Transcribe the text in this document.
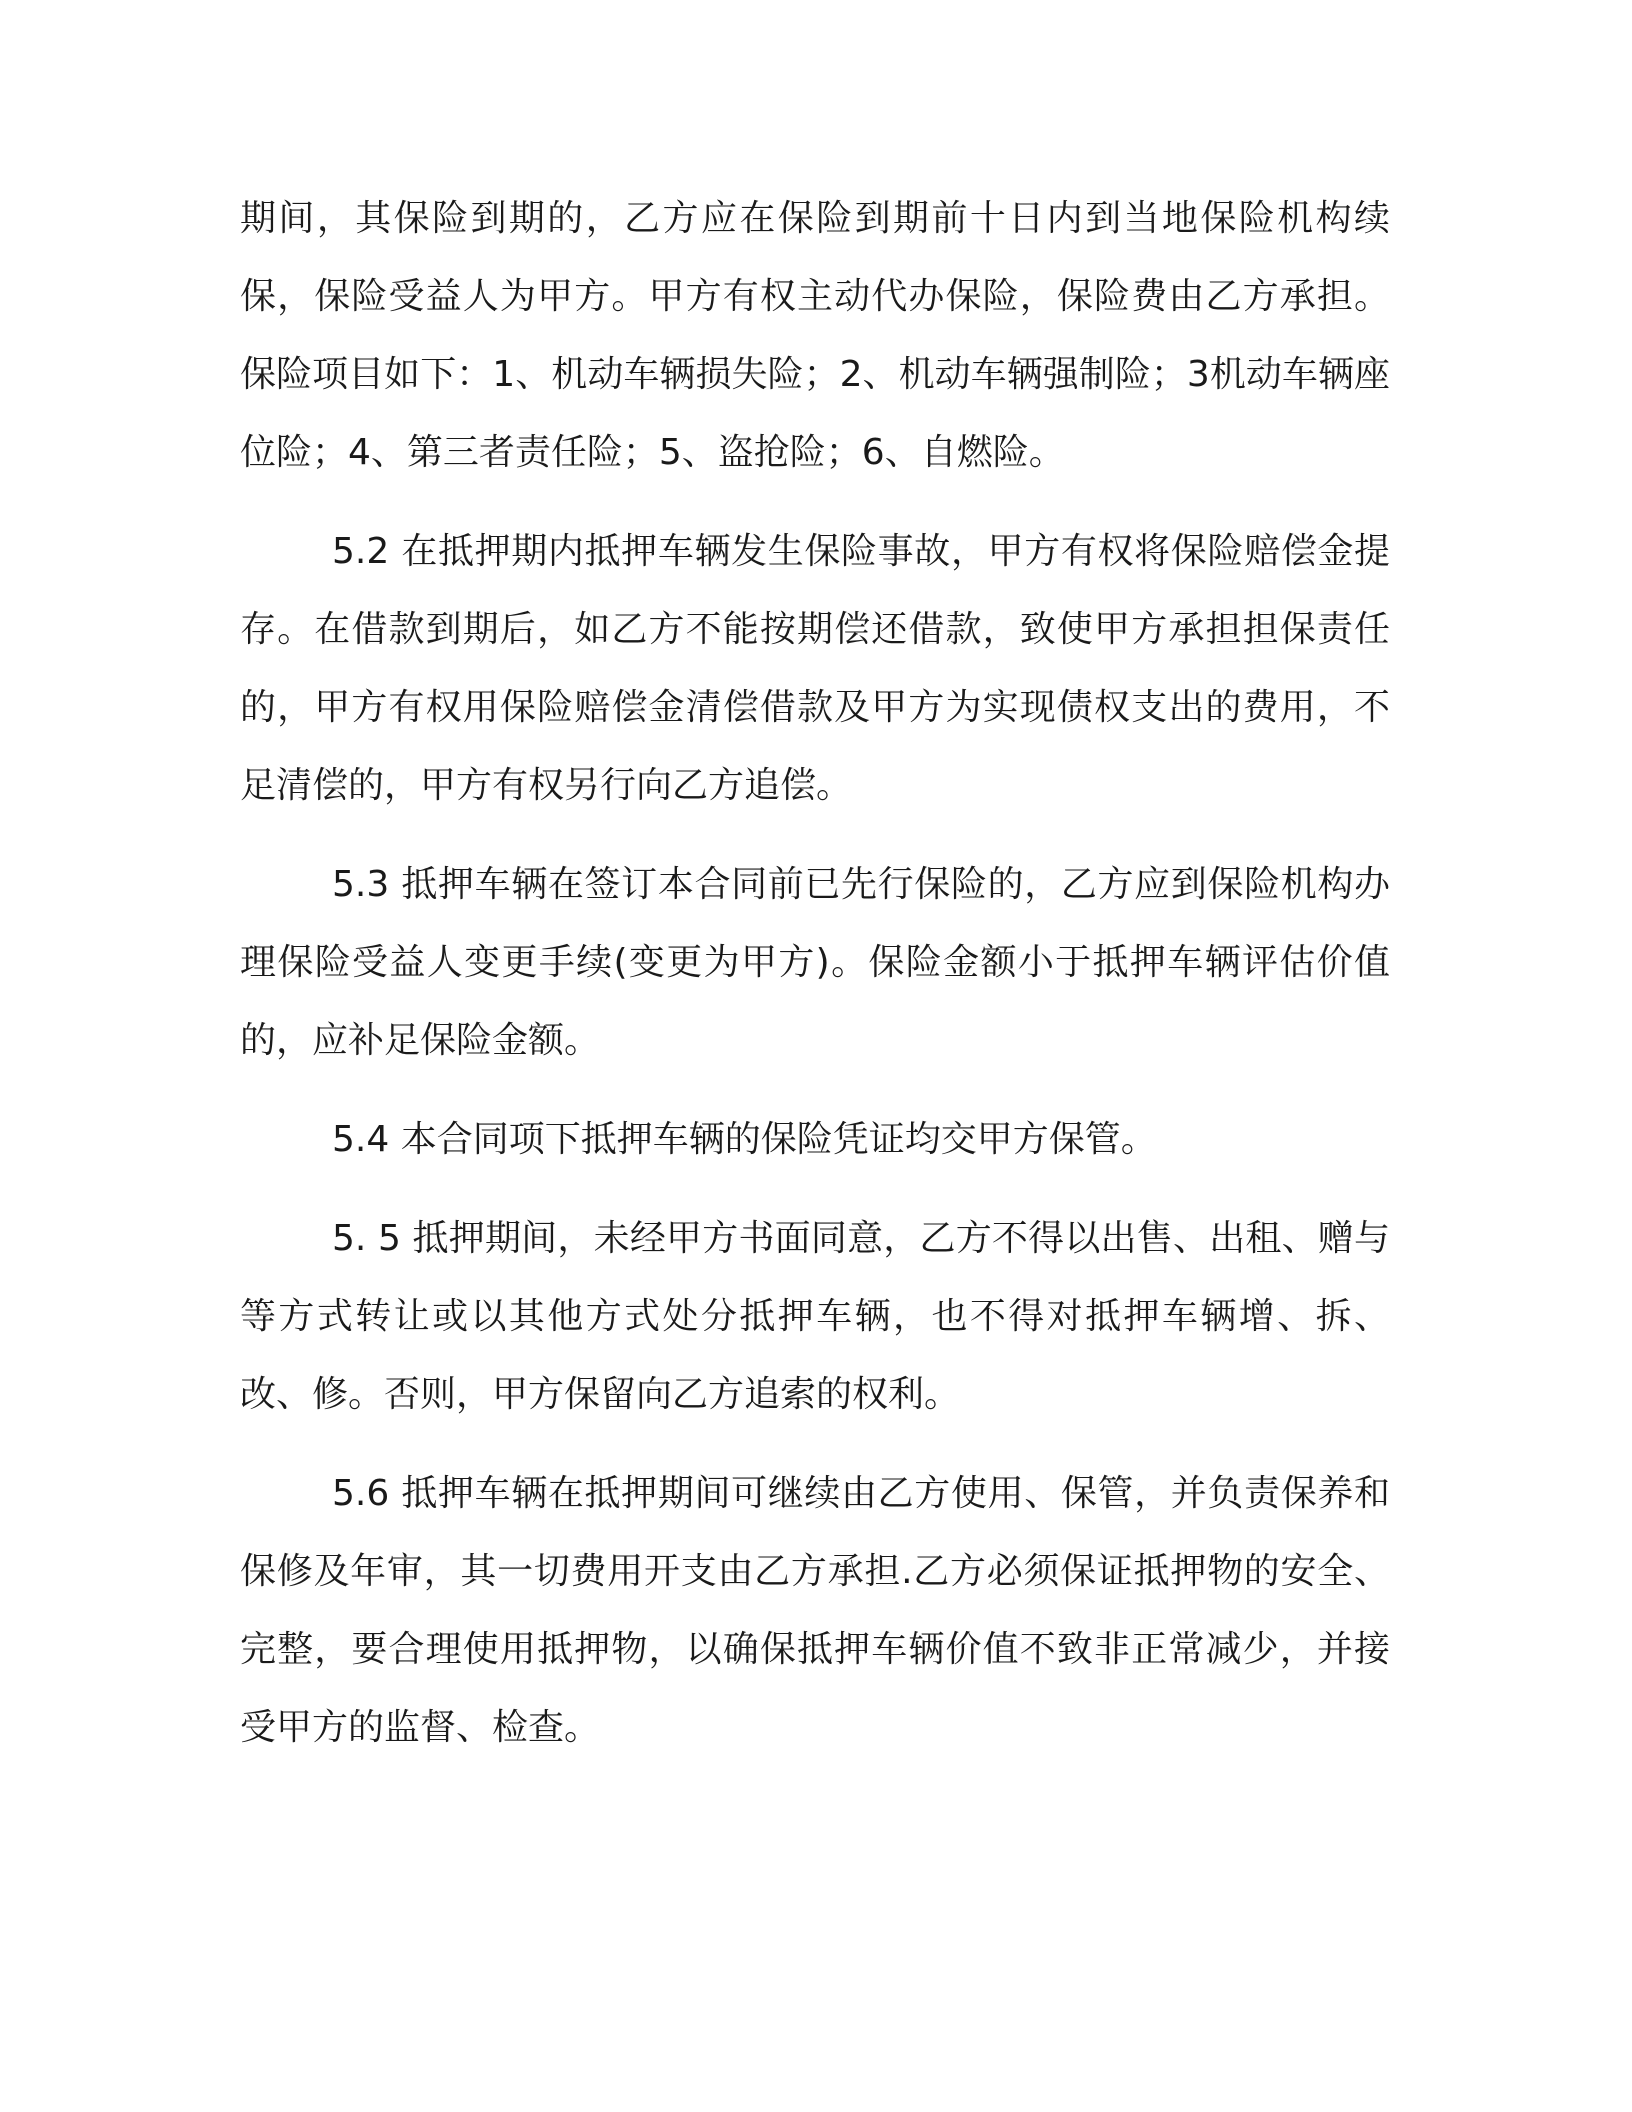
期间，其保险到期的，乙方应在保险到期前十日内到当地保险机构续保，保险受益人为甲方。甲方有权主动代办保险，保险费由乙方承担。保险项目如下：1、机动车辆损失险；2、机动车辆强制险；3机动车辆座位险；4、第三者责任险；5、盗抢险；6、自燃险。

5.2 在抵押期内抵押车辆发生保险事故，甲方有权将保险赔偿金提存。在借款到期后，如乙方不能按期偿还借款，致使甲方承担担保责任的，甲方有权用保险赔偿金清偿借款及甲方为实现债权支出的费用，不足清偿的，甲方有权另行向乙方追偿。

5.3 抵押车辆在签订本合同前已先行保险的，乙方应到保险机构办理保险受益人变更手续(变更为甲方)。保险金额小于抵押车辆评估价值的，应补足保险金额。

5.4 本合同项下抵押车辆的保险凭证均交甲方保管。

5. 5 抵押期间，未经甲方书面同意，乙方不得以出售、出租、赠与等方式转让或以其他方式处分抵押车辆，也不得对抵押车辆增、拆、改、修。否则，甲方保留向乙方追索的权利。

5.6 抵押车辆在抵押期间可继续由乙方使用、保管，并负责保养和保修及年审，其一切费用开支由乙方承担.乙方必须保证抵押物的安全、完整，要合理使用抵押物，以确保抵押车辆价值不致非正常减少，并接受甲方的监督、检查。
